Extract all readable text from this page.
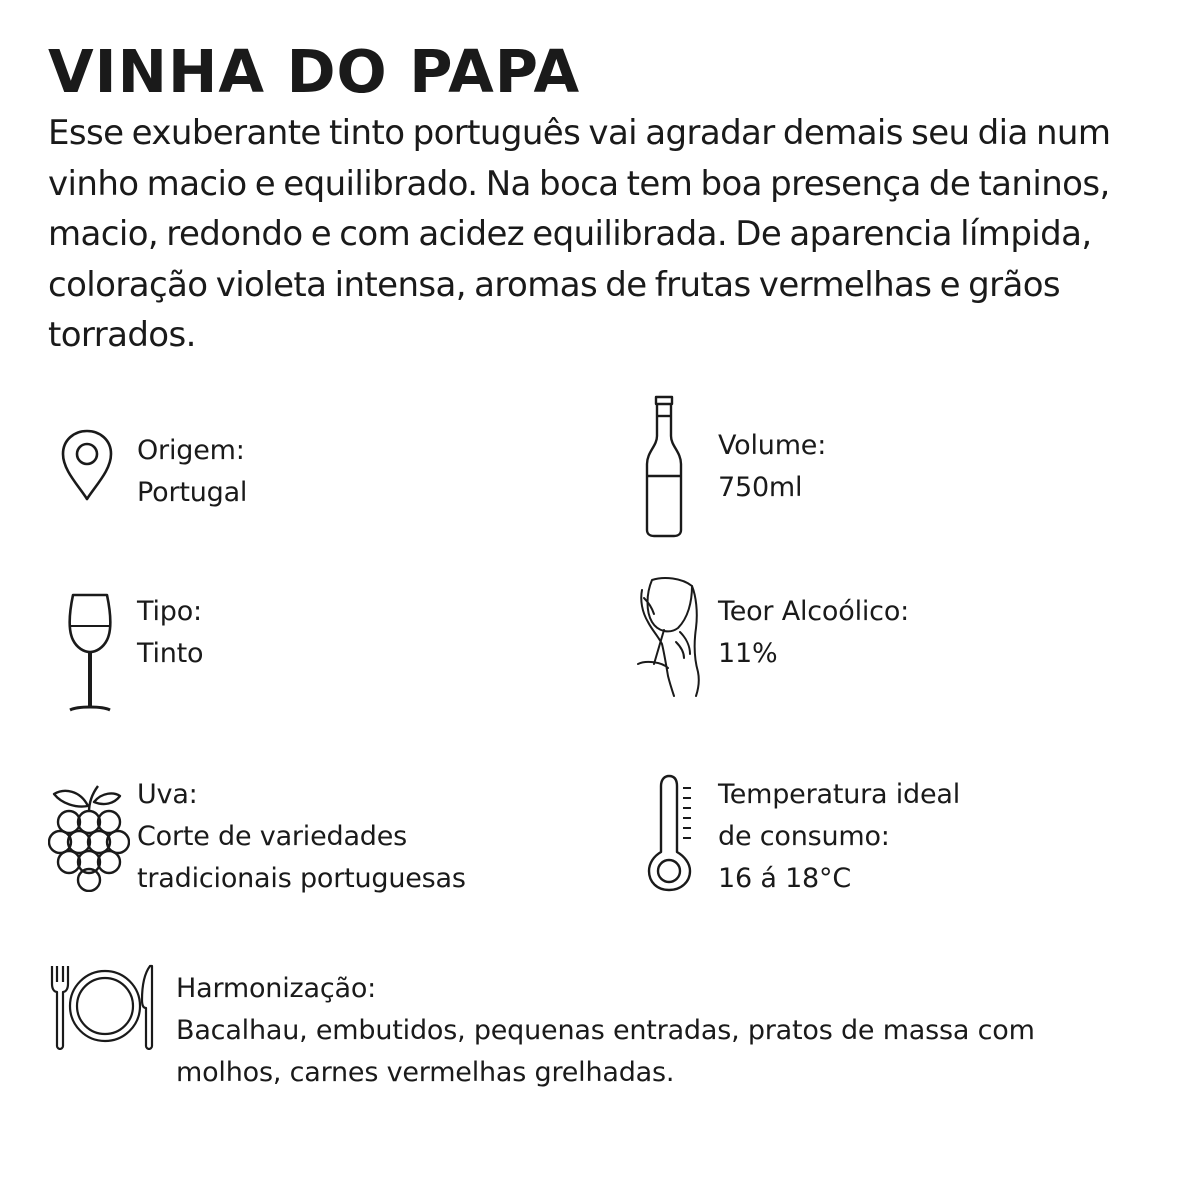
VINHA DO PAPA

Esse exuberante tinto português vai agradar demais seu dia num vinho macio e equilibrado. Na boca tem boa presença de taninos, macio, redondo e com acidez equilibrada. De aparencia límpida, coloração violeta intensa, aromas de frutas vermelhas e grãos torrados.

Origem:
Portugal
Volume:
750ml
Tipo:
Tinto
Teor Alcoólico:
11%
Uva:
Corte de variedades
tradicionais portuguesas
Temperatura ideal
de consumo:
16 á 18°C
Harmonização:
Bacalhau, embutidos, pequenas entradas, pratos de massa com molhos, carnes vermelhas grelhadas.
